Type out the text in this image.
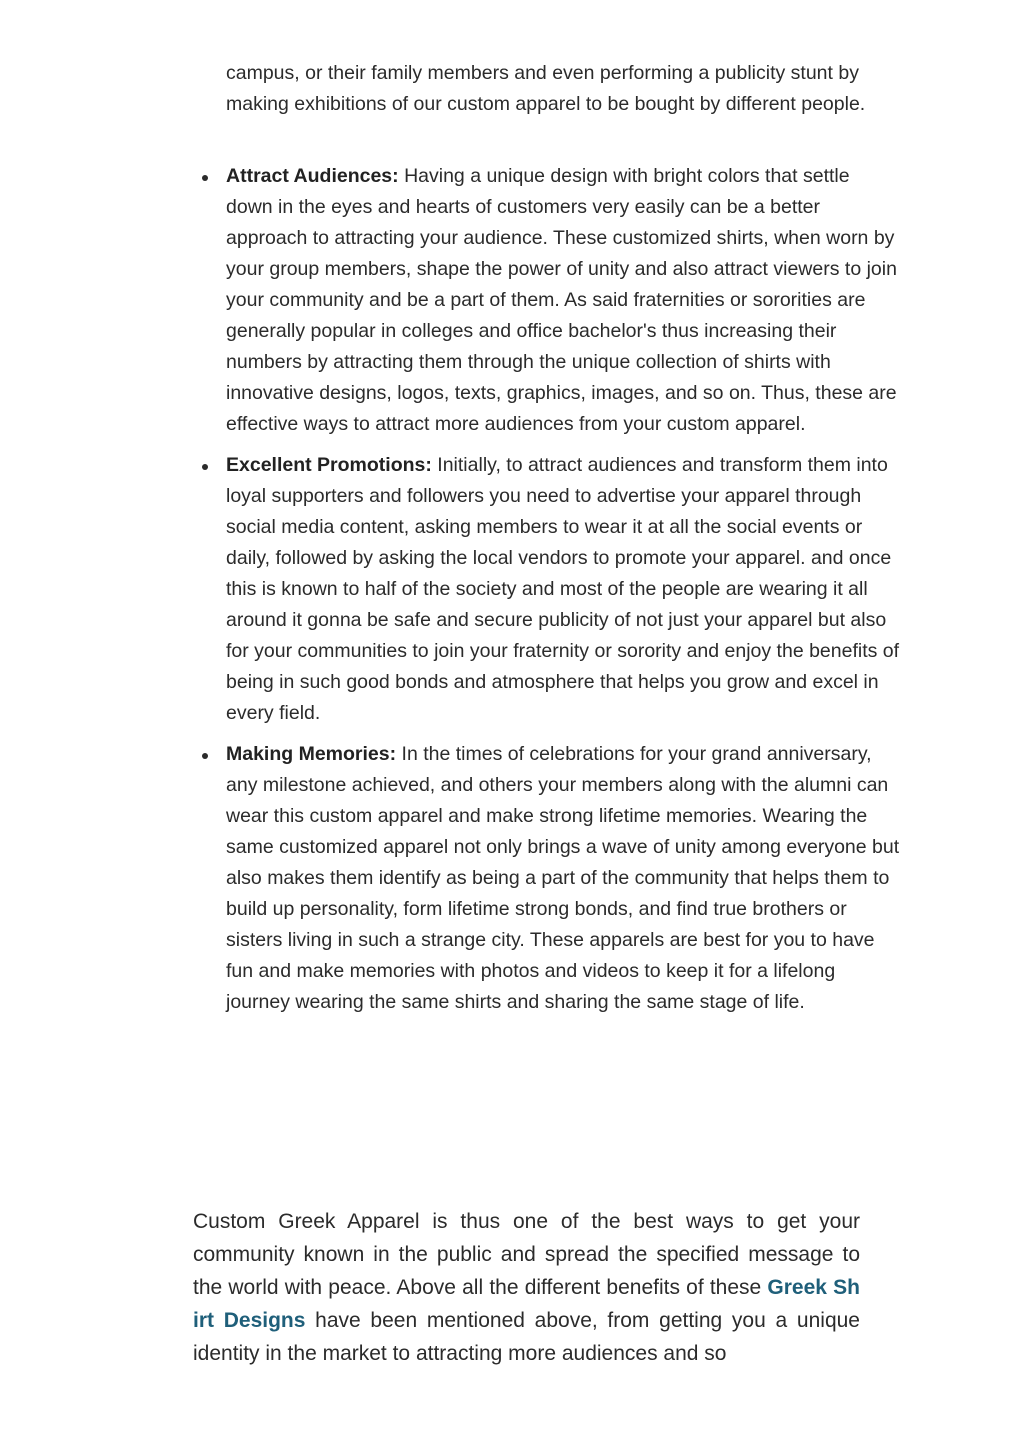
campus, or their family members and even performing a publicity stunt by making exhibitions of our custom apparel to be bought by different people.

Attract Audiences: Having a unique design with bright colors that settle down in the eyes and hearts of customers very easily can be a better approach to attracting your audience. These customized shirts, when worn by your group members, shape the power of unity and also attract viewers to join your community and be a part of them. As said fraternities or sororities are generally popular in colleges and office bachelor's thus increasing their numbers by attracting them through the unique collection of shirts with innovative designs, logos, texts, graphics, images, and so on. Thus, these are effective ways to attract more audiences from your custom apparel.
Excellent Promotions: Initially, to attract audiences and transform them into loyal supporters and followers you need to advertise your apparel through social media content, asking members to wear it at all the social events or daily, followed by asking the local vendors to promote your apparel. and once this is known to half of the society and most of the people are wearing it all around it gonna be safe and secure publicity of not just your apparel but also for your communities to join your fraternity or sorority and enjoy the benefits of being in such good bonds and atmosphere that helps you grow and excel in every field.
Making Memories: In the times of celebrations for your grand anniversary, any milestone achieved, and others your members along with the alumni can wear this custom apparel and make strong lifetime memories. Wearing the same customized apparel not only brings a wave of unity among everyone but also makes them identify as being a part of the community that helps them to build up personality, form lifetime strong bonds, and find true brothers or sisters living in such a strange city. These apparels are best for you to have fun and make memories with photos and videos to keep it for a lifelong journey wearing the same shirts and sharing the same stage of life.

Custom Greek Apparel is thus one of the best ways to get your community known in the public and spread the specified message to the world with peace. Above all the different benefits of these Greek Shirt Designs have been mentioned above, from getting you a unique identity in the market to attracting more audiences and so
